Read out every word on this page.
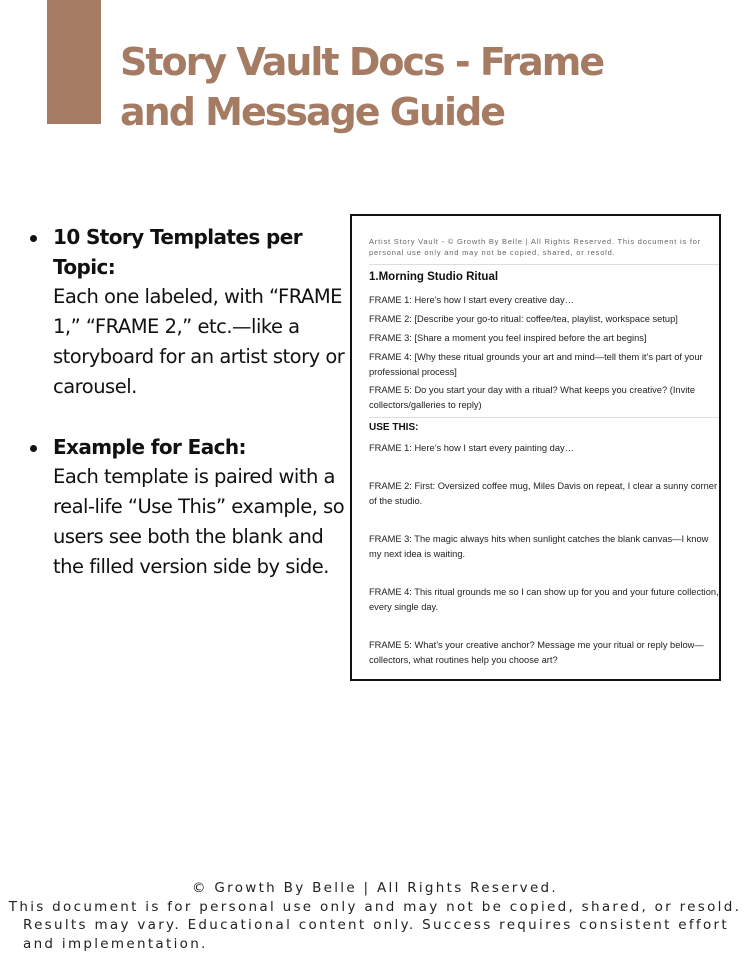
Story Vault Docs - Frame and Message Guide
10 Story Templates per Topic:
Each one labeled, with “FRAME 1,” “FRAME 2,” etc.—like a storyboard for an artist story or carousel.
Example for Each:
Each template is paired with a real-life “Use This” example, so users see both the blank and the filled version side by side.
Artist Story Vault - © Growth By Belle | All Rights Reserved. This document is for personal use only and may not be copied, shared, or resold.
1.Morning Studio Ritual
FRAME 1: Here’s how I start every creative day…
FRAME 2: [Describe your go-to ritual: coffee/tea, playlist, workspace setup]
FRAME 3: [Share a moment you feel inspired before the art begins]
FRAME 4: [Why these ritual grounds your art and mind—tell them it’s part of your professional process]
FRAME 5: Do you start your day with a ritual? What keeps you creative? (Invite collectors/galleries to reply)
USE THIS:
FRAME 1: Here’s how I start every painting day…
FRAME 2: First: Oversized coffee mug, Miles Davis on repeat, I clear a sunny corner of the studio.
FRAME 3: The magic always hits when sunlight catches the blank canvas—I know my next idea is waiting.
FRAME 4: This ritual grounds me so I can show up for you and your future collection, every single day.
FRAME 5: What’s your creative anchor? Message me your ritual or reply below—collectors, what routines help you choose art?
© Growth By Belle | All Rights Reserved.
This document is for personal use only and may not be copied, shared, or resold.
Results may vary. Educational content only. Success requires consistent effort
and implementation.
